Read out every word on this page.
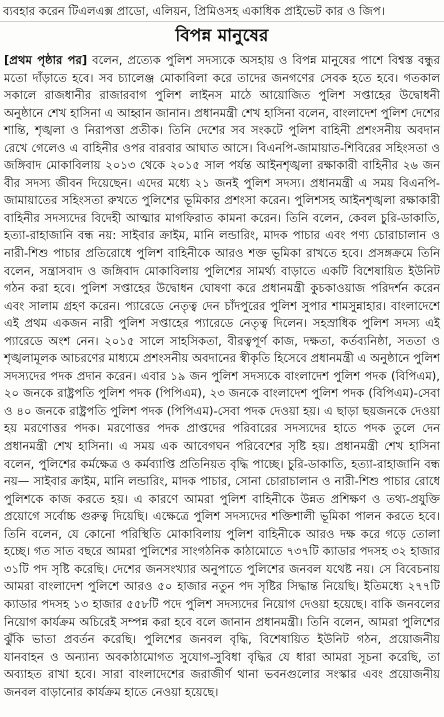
ব্যবহার করেন টিএলএক্স প্রাডো, এলিয়ন, প্রিমিওসহ একাধিক প্রাইভেট কার ও জিপ।
বিপন্ন মানুষের
[প্রথম পৃষ্ঠার পর] বলেন, প্রত্যেক পুলিশ সদস্যকে অসহায় ও বিপন্ন মানুষের পাশে বিশ্বস্ত বন্ধুর মতো দাঁড়াতে হবে। সব চ্যালেঞ্জ মোকাবিলা করে তাদের জনগণের সেবক হতে হবে। গতকাল সকালে রাজধানীর রাজারবাগ পুলিশ লাইনস মাঠে আয়োজিত পুলিশ সপ্তাহের উদ্বোধনী অনুষ্ঠানে শেখ হাসিনা এ আহ্বান জানান। প্রধানমন্ত্রী শেখ হাসিনা বলেন, বাংলাদেশ পুলিশ দেশের শান্তি, শৃঙ্খলা ও নিরাপত্তা প্রতীক। তিনি দেশের সব সংকটে পুলিশ বাহিনী প্রশংসনীয় অবদান রেখে গেলেও এ বাহিনীর ওপর বারবার আঘাত আসে। বিএনপি-জামায়াত-শিবিরের সহিংসতা ও জঙ্গিবাদ মোকাবিলায় ২০১৩ থেকে ২০১৫ সাল পর্যন্ত আইনশৃঙ্খলা রক্ষাকারী বাহিনীর ২৬ জন বীর সদস্য জীবন দিয়েছেন। এদের মধ্যে ২১ জনই পুলিশ সদস্য। প্রধানমন্ত্রী এ সময় বিএনপি-জামায়াতের সহিংসতা রুখতে পুলিশের ভূমিকার প্রশংসা করেন। পুলিশসহ আইনশৃঙ্খলা রক্ষাকারী বাহিনীর সদস্যদের বিদেহী আত্মার মাগফিরাত কামনা করেন। তিনি বলেন, কেবল চুরি-ডাকাতি, হত্যা-রাহাজানি বন্ধ নয়: সাইবার ক্রাইম, মানি লন্ডারিং, মাদক পাচার এবং পণ্য চোরাচালান ও নারী-শিশু পাচার প্রতিরোধে পুলিশ বাহিনীকে আরও শক্ত ভূমিকা রাখতে হবে। প্রসঙ্গক্রমে তিনি বলেন, সন্ত্রাসবাদ ও জঙ্গিবাদ মোকাবিলায় পুলিশের সামর্থ্য বাড়াতে একটি বিশেষায়িত ইউনিট গঠন করা হবে। পুলিশ সপ্তাহের উদ্বোধন ঘোষণা করে প্রধানমন্ত্রী কুচকাওয়াজ পরিদর্শন করেন এবং সালাম গ্রহণ করেন। প্যারেডে নেতৃত্ব দেন চাঁদপুরের পুলিশ সুপার শামসুন্নাহার। বাংলাদেশে এই প্রথম একজন নারী পুলিশ সপ্তাহের প্যারেডে নেতৃত্ব দিলেন। সহস্রাধিক পুলিশ সদস্য এই প্যারেডে অংশ নেন। ২০১৫ সালে সাহসিকতা, বীরত্বপূর্ণ কাজ, দক্ষতা, কর্তব্যনিষ্ঠা, সততা ও শৃঙ্খলামূলক আচরণের মাধ্যমে প্রশংসনীয় অবদানের স্বীকৃতি হিসেবে প্রধানমন্ত্রী এ অনুষ্ঠানে পুলিশ সদস্যদের পদক প্রদান করেন। এবার ১৯ জন পুলিশ সদস্যকে বাংলাদেশ পুলিশ পদক (বিপিএম), ২০ জনকে রাষ্ট্রপতি পুলিশ পদক (পিপিএম), ২৩ জনকে বাংলাদেশ পুলিশ পদক (বিপিএম)-সেবা ও ৪০ জনকে রাষ্ট্রপতি পুলিশ পদক (পিপিএম)-সেবা পদক দেওয়া হয়। এ ছাড়া ছয়জনকে দেওয়া হয় মরণোত্তর পদক। মরণোত্তর পদক প্রাপ্তদের পরিবারের সদস্যদের হাতে পদক তুলে দেন প্রধানমন্ত্রী শেখ হাসিনা। এ সময় এক আবেগঘন পরিবেশের সৃষ্টি হয়। প্রধানমন্ত্রী শেখ হাসিনা বলেন, পুলিশের কর্মক্ষেত্র ও কর্মব্যাপ্তি প্রতিনিয়ত বৃদ্ধি পাচ্ছে। চুরি-ডাকাতি, হত্যা-রাহাজানি বন্ধ নয়— সাইবার ক্রাইম, মানি লন্ডারিং, মাদক পাচার, সোনা চোরাচালান ও নারী-শিশু পাচার রোধে পুলিশকে কাজ করতে হয়। এ কারণে আমরা পুলিশ বাহিনীকে উন্নত প্রশিক্ষণ ও তথ্য-প্রযুক্তি প্রয়োগে সর্বোচ্চ গুরুত্ব দিয়েছি। এক্ষেত্রে পুলিশ সদস্যদের শক্তিশালী ভূমিকা পালন করতে হবে। তিনি বলেন, যে কোনো পরিস্থিতি মোকাবিলায় পুলিশ বাহিনীকে আরও দক্ষ করে গড়ে তোলা হচ্ছে। গত সাত বছরে আমরা পুলিশের সাংগঠনিক কাঠামোতে ৭৩৭টি ক্যাডার পদসহ ৩২ হাজার ৩১টি পদ সৃষ্টি করেছি। দেশের জনসংখ্যার অনুপাতে পুলিশের জনবল যথেষ্ট নয়। সে বিবেচনায় আমরা বাংলাদেশ পুলিশে আরও ৫০ হাজার নতুন পদ সৃষ্টির সিদ্ধান্ত নিয়েছি। ইতিমধ্যে ২৭৭টি ক্যাডার পদসহ ১৩ হাজার ৫৫৮টি পদে পুলিশ সদস্যদের নিয়োগ দেওয়া হয়েছে। বাকি জনবলের নিয়োগ কার্যক্রম অচিরেই সম্পন্ন করা হবে বলে জানান প্রধানমন্ত্রী। তিনি বলেন, আমরা পুলিশের ঝুঁকি ভাতা প্রবর্তন করেছি। পুলিশের জনবল বৃদ্ধি, বিশেষায়িত ইউনিট গঠন, প্রয়োজনীয় যানবাহন ও অন্যান্য অবকাঠামোগত সুযোগ-সুবিধা বৃদ্ধির যে ধারা আমরা সূচনা করেছি, তা অব্যাহত রাখা হবে। সারা বাংলাদেশের জরাজীর্ণ থানা ভবনগুলোর সংস্কার এবং প্রয়োজনীয় জনবল বাড়ানোর কার্যক্রম হাতে নেওয়া হয়েছে।
